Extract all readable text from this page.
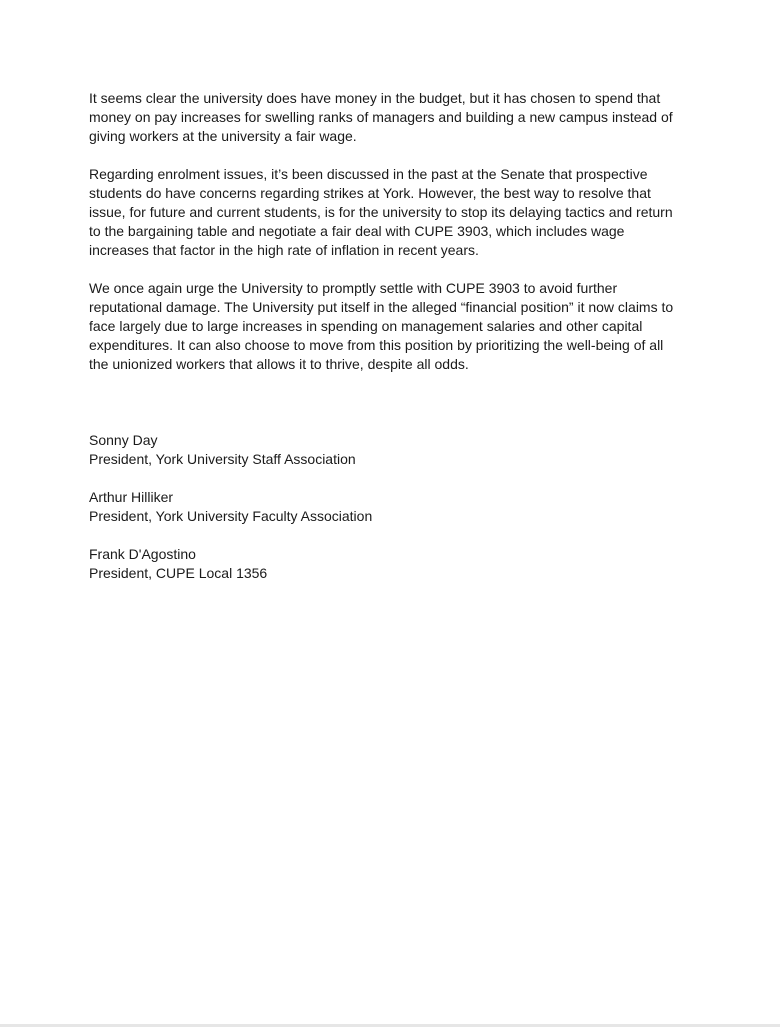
It seems clear the university does have money in the budget, but it has chosen to spend that
money on pay increases for swelling ranks of managers and building a new campus instead of
giving workers at the university a fair wage.

Regarding enrolment issues, it’s been discussed in the past at the Senate that prospective
students do have concerns regarding strikes at York. However, the best way to resolve that
issue, for future and current students, is for the university to stop its delaying tactics and return
to the bargaining table and negotiate a fair deal with CUPE 3903, which includes wage
increases that factor in the high rate of inflation in recent years.

We once again urge the University to promptly settle with CUPE 3903 to avoid further
reputational damage. The University put itself in the alleged “financial position” it now claims to
face largely due to large increases in spending on management salaries and other capital
expenditures. It can also choose to move from this position by prioritizing the well-being of all
the unionized workers that allows it to thrive, despite all odds.

Sonny Day
President, York University Staff Association
Arthur Hilliker
President, York University Faculty Association
Frank D'Agostino
President, CUPE Local 1356
